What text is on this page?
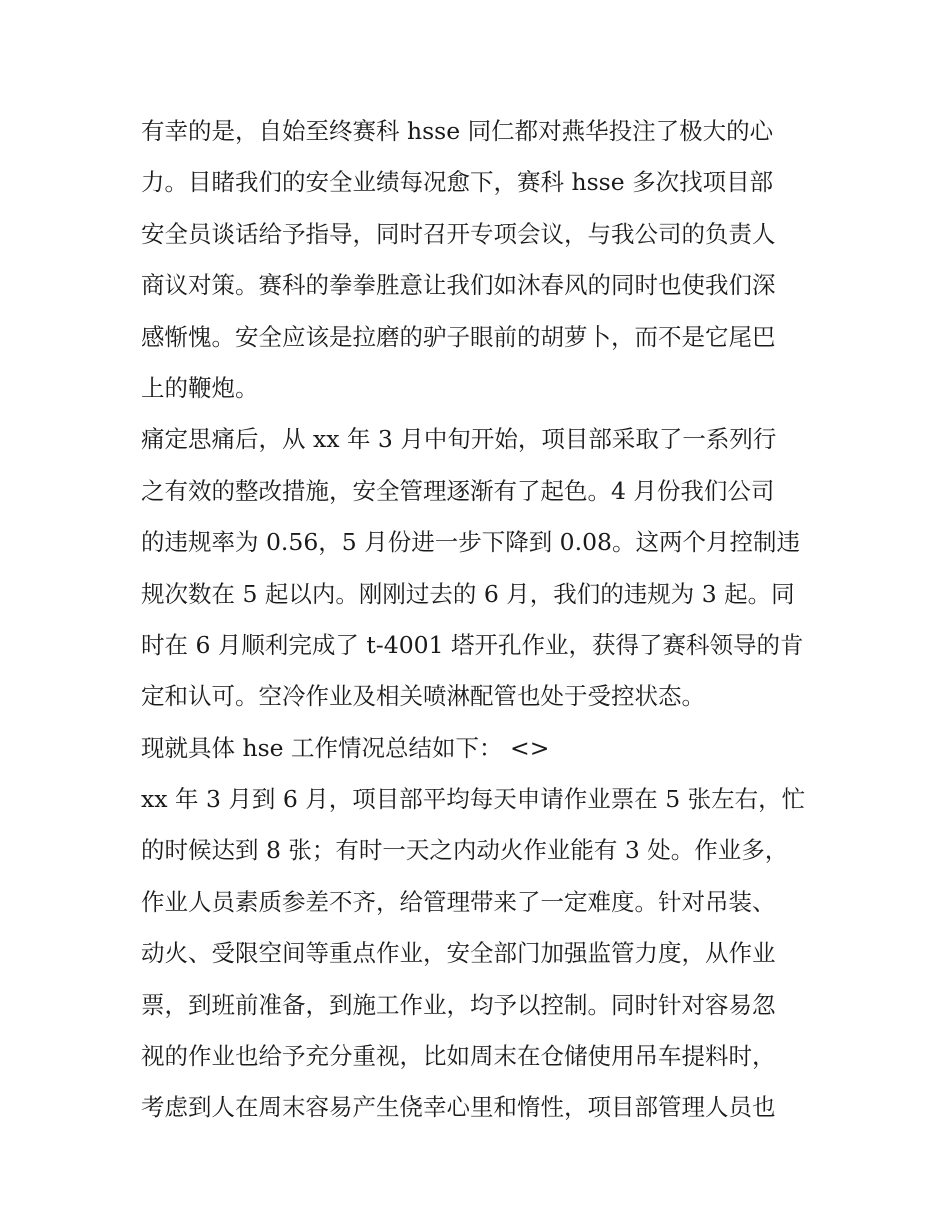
有幸的是，自始至终赛科 hsse 同仁都对燕华投注了极大的心
力。目睹我们的安全业绩每况愈下，赛科 hsse 多次找项目部
安全员谈话给予指导，同时召开专项会议，与我公司的负责人
商议对策。赛科的拳拳胜意让我们如沐春风的同时也使我们深
感惭愧。安全应该是拉磨的驴子眼前的胡萝卜，而不是它尾巴
上的鞭炮。
痛定思痛后，从 xx 年 3 月中旬开始，项目部采取了一系列行
之有效的整改措施，安全管理逐渐有了起色。4 月份我们公司
的违规率为 0.56，5 月份进一步下降到 0.08。这两个月控制违
规次数在 5 起以内。刚刚过去的 6 月，我们的违规为 3 起。同
时在 6 月顺利完成了 t-4001 塔开孔作业，获得了赛科领导的肯
定和认可。空冷作业及相关喷淋配管也处于受控状态。
现就具体 hse 工作情况总结如下： <>
xx 年 3 月到 6 月，项目部平均每天申请作业票在 5 张左右，忙
的时候达到 8 张；有时一天之内动火作业能有 3 处。作业多，
作业人员素质参差不齐，给管理带来了一定难度。针对吊装、
动火、受限空间等重点作业，安全部门加强监管力度，从作业
票，到班前准备，到施工作业，均予以控制。同时针对容易忽
视的作业也给予充分重视，比如周末在仓储使用吊车提料时，
考虑到人在周末容易产生侥幸心里和惰性，项目部管理人员也
